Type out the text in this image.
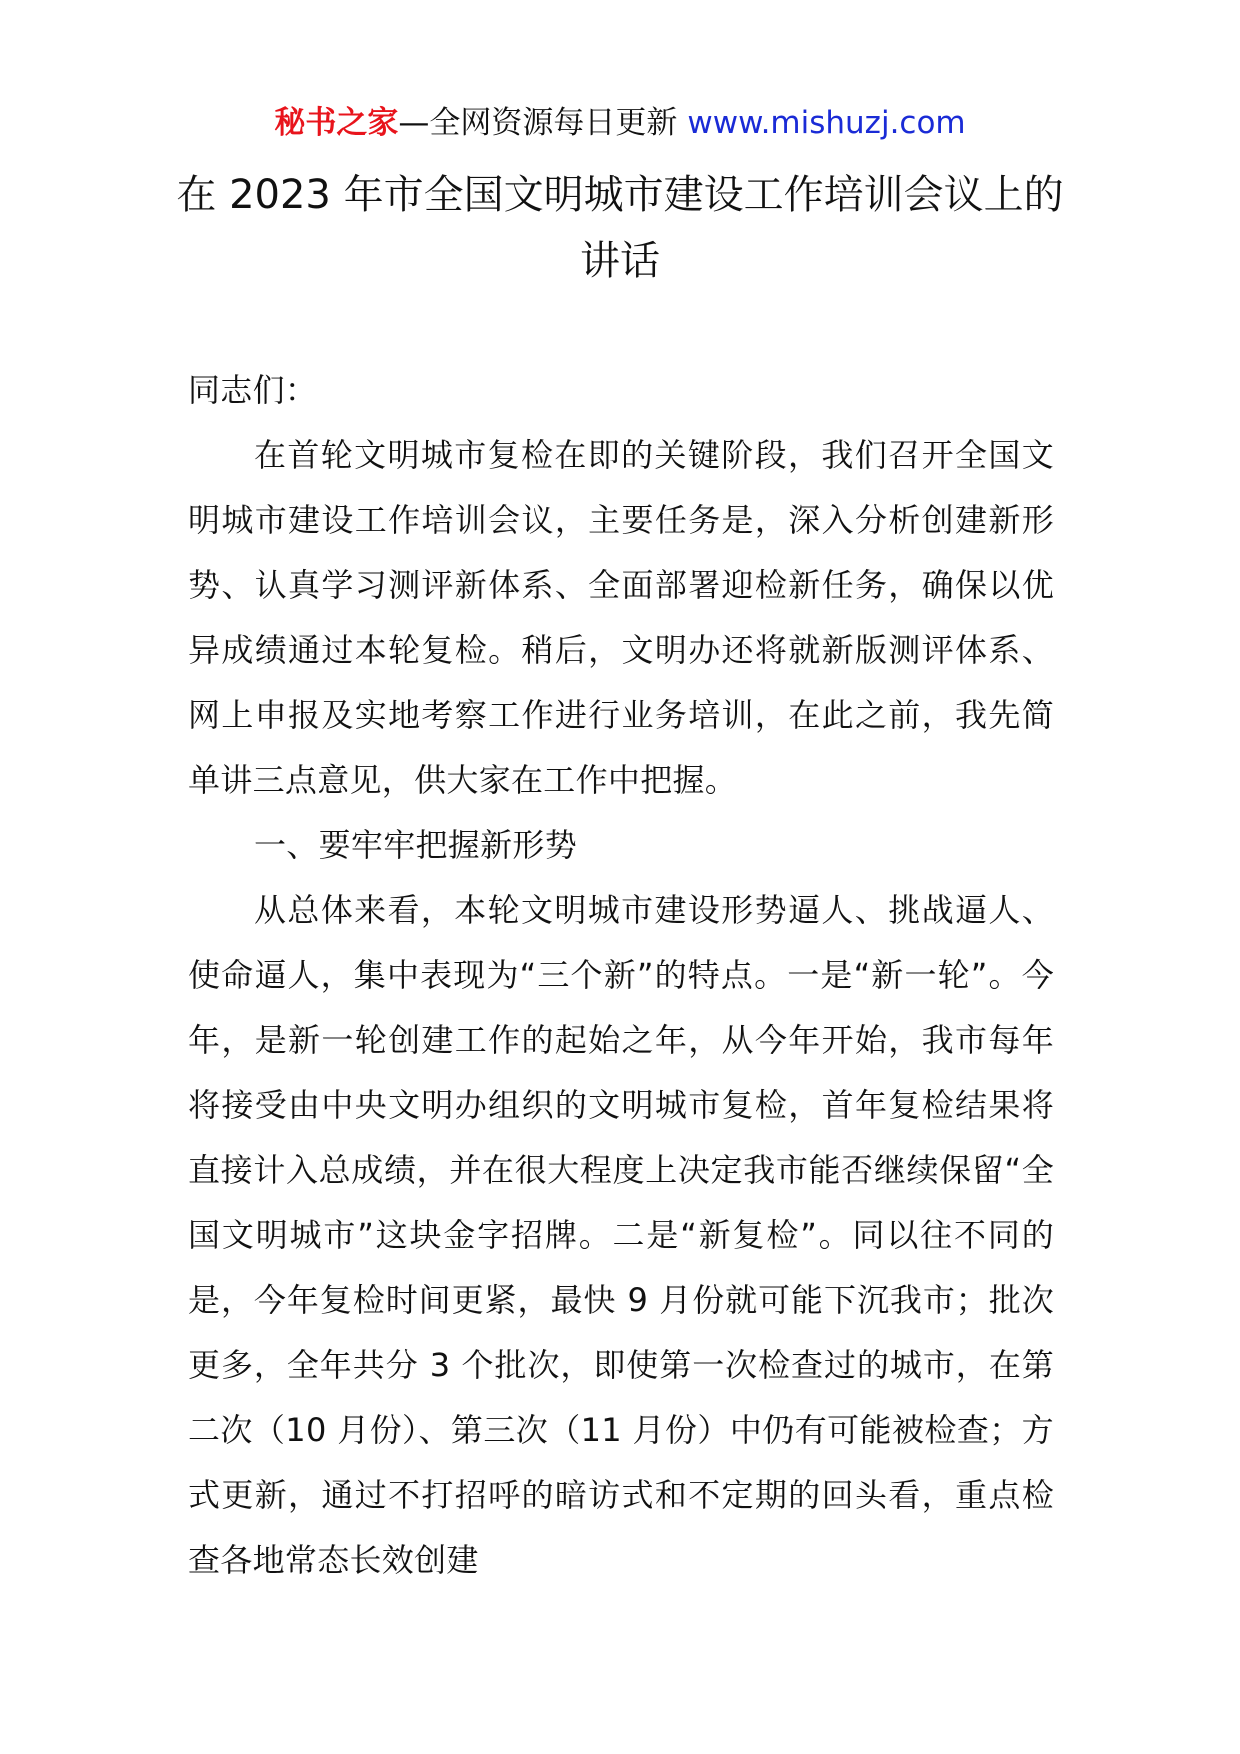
秘书之家—全网资源每日更新 www.mishuzj.com
在 2023 年市全国文明城市建设工作培训会议上的讲话

同志们：

在首轮文明城市复检在即的关键阶段，我们召开全国文明城市建设工作培训会议，主要任务是，深入分析创建新形势、认真学习测评新体系、全面部署迎检新任务，确保以优异成绩通过本轮复检。稍后，文明办还将就新版测评体系、网上申报及实地考察工作进行业务培训，在此之前，我先简单讲三点意见，供大家在工作中把握。

一、要牢牢把握新形势

从总体来看，本轮文明城市建设形势逼人、挑战逼人、使命逼人，集中表现为“三个新”的特点。一是“新一轮”。今年，是新一轮创建工作的起始之年，从今年开始，我市每年将接受由中央文明办组织的文明城市复检，首年复检结果将直接计入总成绩，并在很大程度上决定我市能否继续保留“全国文明城市”这块金字招牌。二是“新复检”。同以往不同的是，今年复检时间更紧，最快 9 月份就可能下沉我市；批次更多，全年共分 3 个批次，即使第一次检查过的城市，在第二次（10 月份）、第三次（11 月份）中仍有可能被检查；方式更新，通过不打招呼的暗访式和不定期的回头看，重点检查各地常态长效创建
